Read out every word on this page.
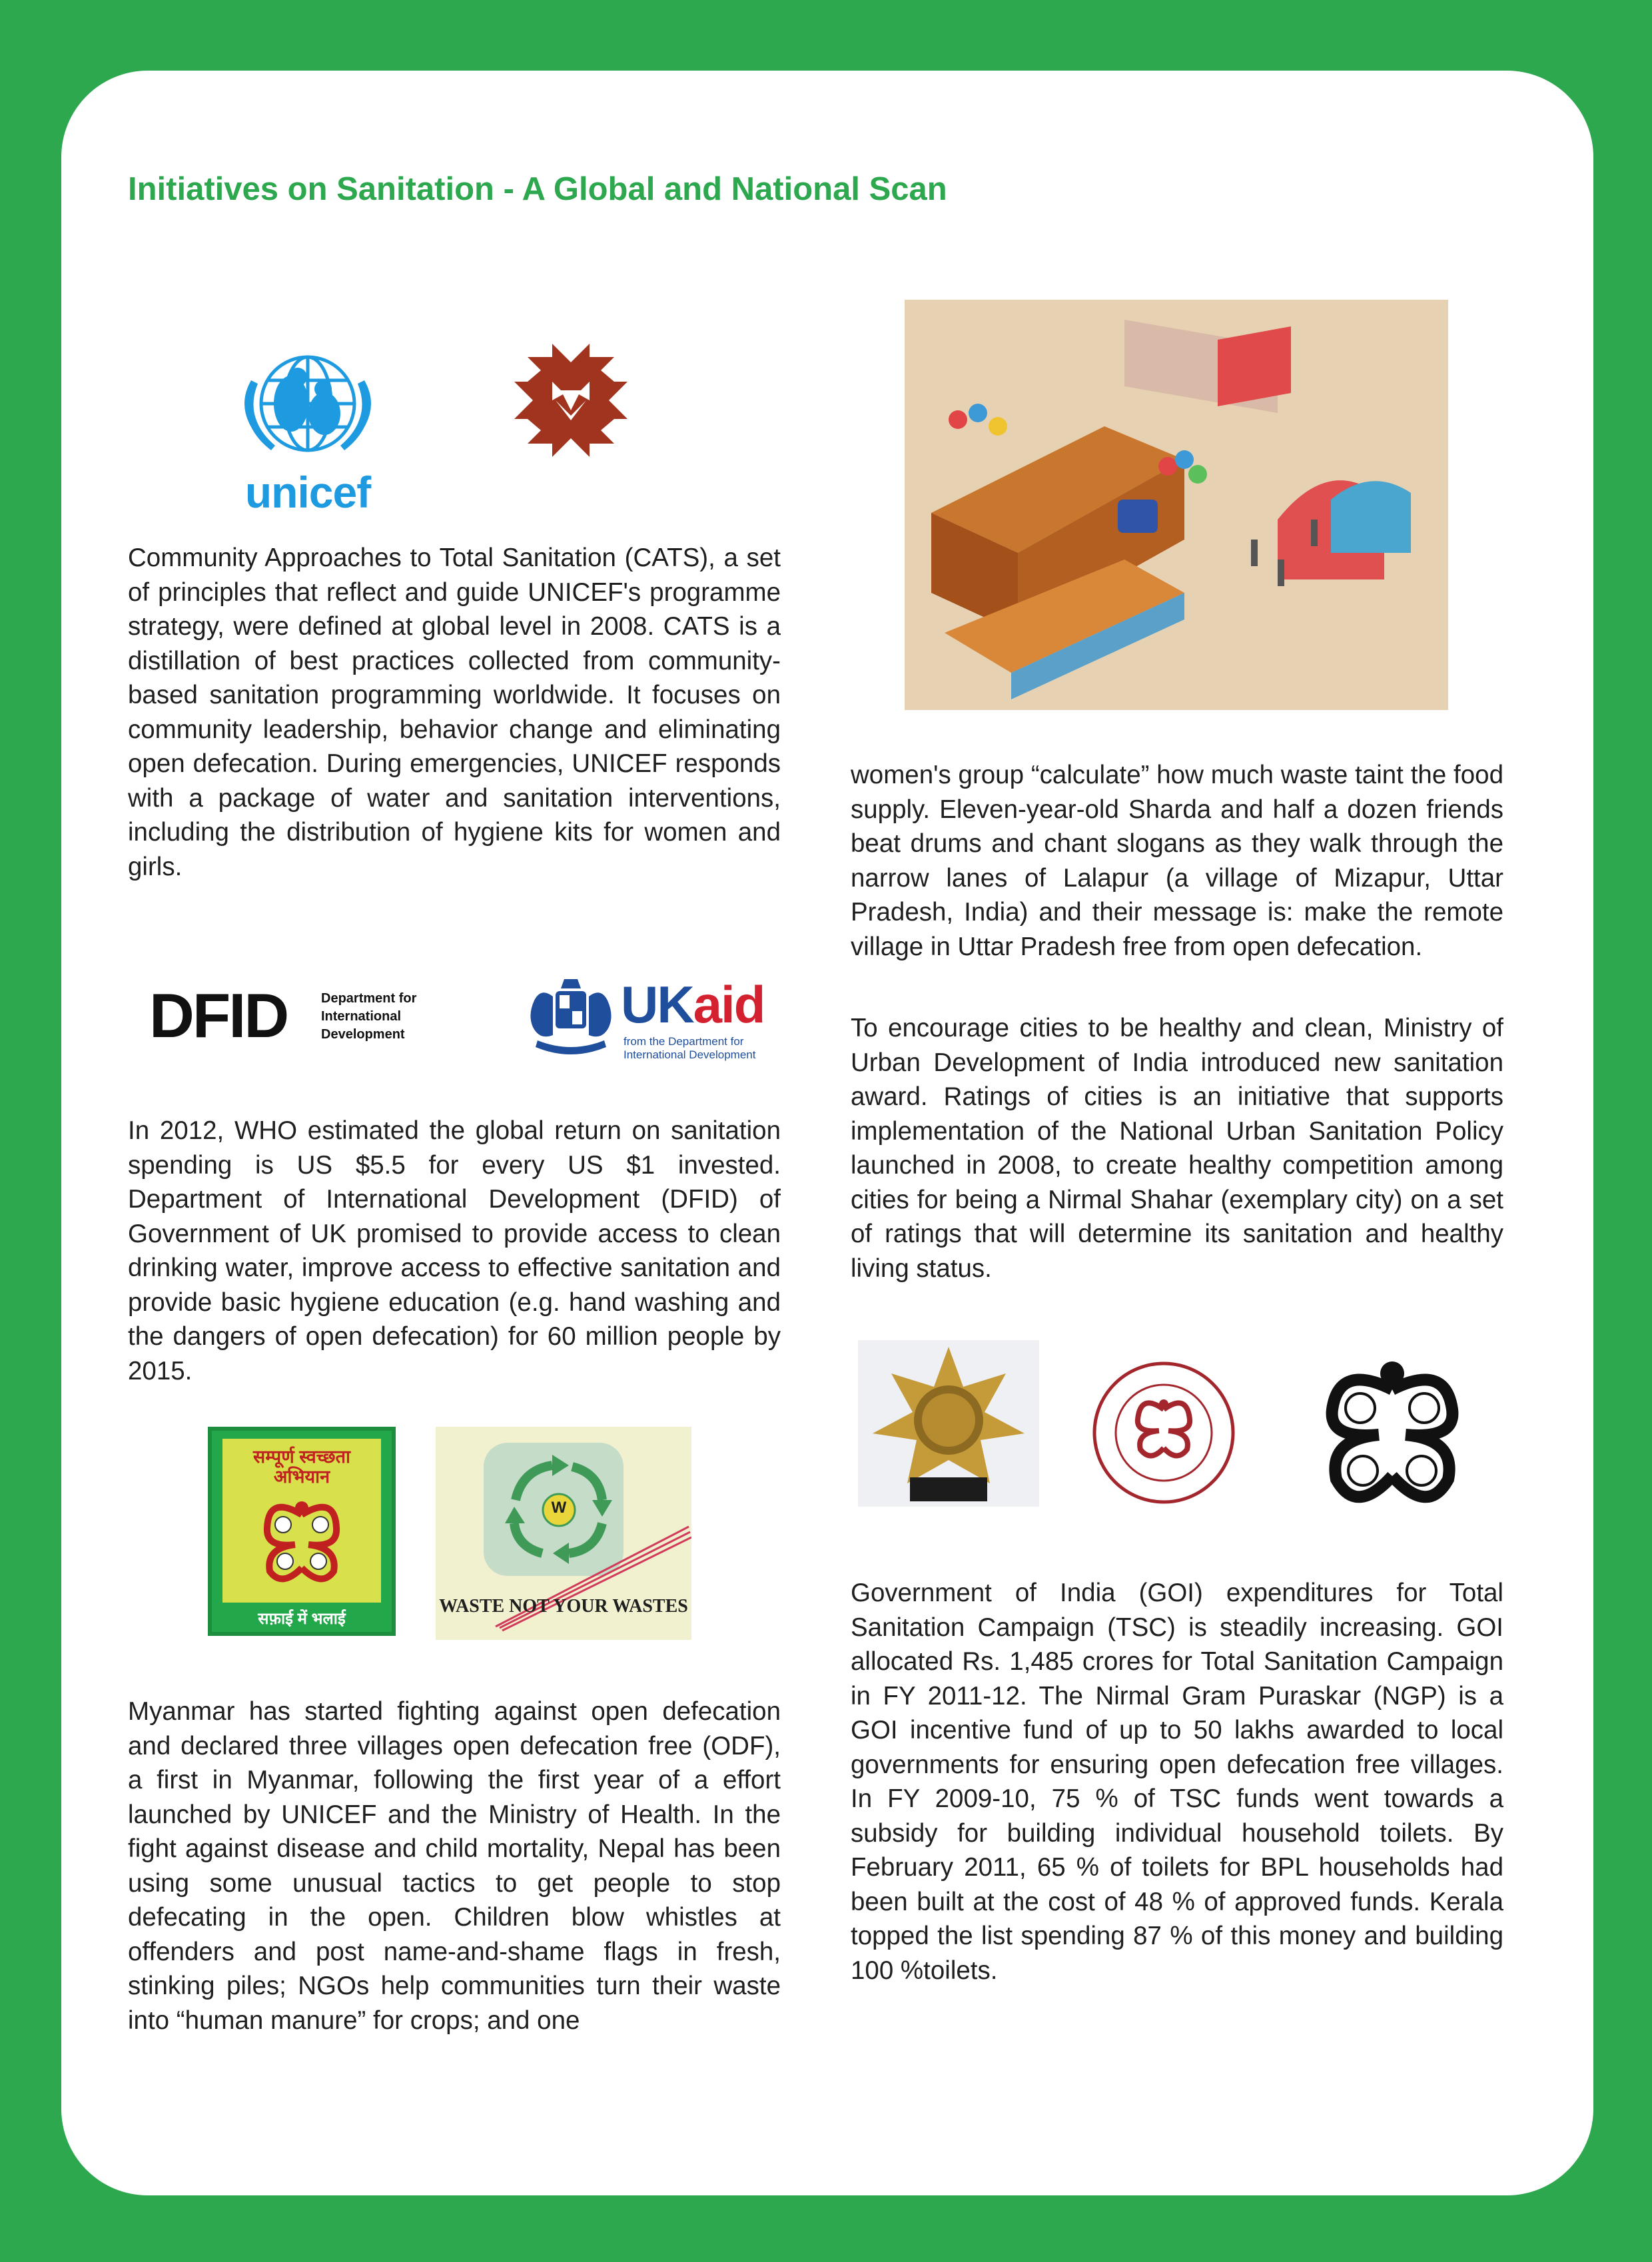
Initiatives on Sanitation - A Global and National Scan
unicef

Community Approaches to Total Sanitation (CATS), a set of principles that reflect and guide UNICEF's programme strategy, were defined at global level in 2008. CATS is a distillation of best practices collected from community-based sanitation programming worldwide. It focuses on community leadership, behavior change and eliminating open defecation. During emergencies, UNICEF responds with a package of water and sanitation interventions, including the distribution of hygiene kits for women and girls.

DFID	Department for
International
Development
UKaid
from the Department for
International Development

In 2012, WHO estimated the global return on sanitation spending is US $5.5 for every US $1 invested. Department of International Development (DFID) of Government of UK promised to provide access to clean drinking water, improve access to effective sanitation and provide basic hygiene education (e.g. hand washing and the dangers of open defecation) for 60 million people by 2015.

सम्पूर्ण स्वच्छता
अभियान
सफ़ाई में भलाई
W
WASTE NOT YOUR WASTES

Myanmar has started fighting against open defecation and declared three villages open defecation free (ODF), a first in Myanmar, following the first year of a effort launched by UNICEF and the Ministry of Health. In the fight against disease and child mortality, Nepal has been using some unusual tactics to get people to stop defecating in the open. Children blow whistles at offenders and post name-and-shame flags in fresh, stinking piles; NGOs help communities turn their waste into “human manure” for crops; and one

women's group “calculate” how much waste taint the food supply. Eleven-year-old Sharda and half a dozen friends beat drums and chant slogans as they walk through the narrow lanes of Lalapur (a village of Mizapur, Uttar Pradesh, India) and their message is: make the remote village in Uttar Pradesh free from open defecation.

To encourage cities to be healthy and clean, Ministry of Urban Development of India introduced new sanitation award. Ratings of cities is an initiative that supports implementation of the National Urban Sanitation Policy launched in 2008, to create healthy competition among cities for being a Nirmal Shahar (exemplary city) on a set of ratings that will determine its sanitation and healthy living status.

Government of India (GOI) expenditures for Total Sanitation Campaign (TSC) is steadily increasing. GOI allocated Rs. 1,485 crores for Total Sanitation Campaign in FY 2011-12. The Nirmal Gram Puraskar (NGP) is a GOI incentive fund of up to 50 lakhs awarded to local governments for ensuring open defecation free villages. In FY 2009-10, 75 % of TSC funds went towards a subsidy for building individual household toilets. By February 2011, 65 % of toilets for BPL households had been built at the cost of 48 % of approved funds. Kerala topped the list spending 87 % of this money and building 100 %toilets.
